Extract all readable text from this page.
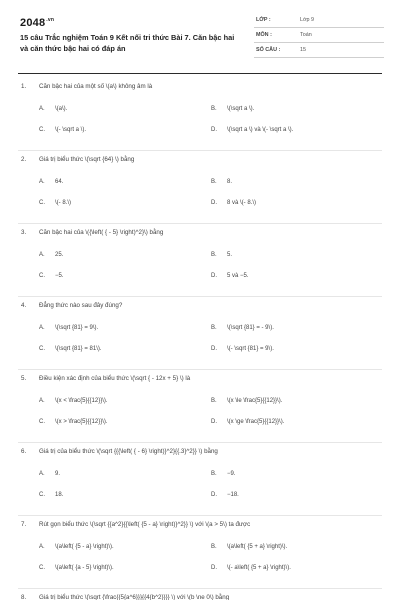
$2048^{.vn}$
15 câu Trắc nghiệm Toán 9 Kết nối tri thức Bài 7. Căn bậc hai và căn thức bậc hai có đáp án
LỚP :	Lớp 9
MÔN :	Toán
SỐ CÂU :	15
1. Căn bậc hai của một số \(a\) không âm là
A. \(a\).	B. \(\sqrt a \).
C. \(- \sqrt a \).	D. \(\sqrt a \) và \(- \sqrt a \).
2. Giá trị biểu thức \(\sqrt {64} \) bằng
A. 64.	B. 8.
C. \(- 8.\)	D. 8 và \(- 8.\)
3. Căn bậc hai của \({\left( { - 5} \right)^2}\) bằng
A. 25.	B. 5.
C. −5.	D. 5 và −5.
4. Đẳng thức nào sau đây đúng?
A. \(\sqrt {81} = 9\).	B. \(\sqrt {81} = - 9\).
C. \(\sqrt {81} = 81\).	D. \(- \sqrt {81} = 9\).
5. Điều kiện xác định của biểu thức \(\sqrt { - 12x + 5} \) là
A. \(x < \frac{5}{{12}}\).	B. \(x \le \frac{5}{{12}}\).
C. \(x > \frac{5}{{12}}\).	D. \(x \ge \frac{5}{{12}}\).
6. Giá trị của biểu thức \(\sqrt {{{\left( { - 6} \right)}^2}{{.3}^2}} \) bằng
A. 9.	B. −9.
C. 18.	D. −18.
7. Rút gọn biểu thức \(\sqrt {{a^2}{{\left( {5 - a} \right)}^2}} \) với \(a > 5\) ta được
A. \(a\left( {5 - a} \right)\).	B. \(a\left( {5 + a} \right)\).
C. \(a\left( {a - 5} \right)\).	D. \(- a\left( {5 + a} \right)\).
8. Giá trị biểu thức \(\sqrt {\frac{{5{a^6}}}{{4{b^2}}}} \) với \(b \ne 0\) bằng
